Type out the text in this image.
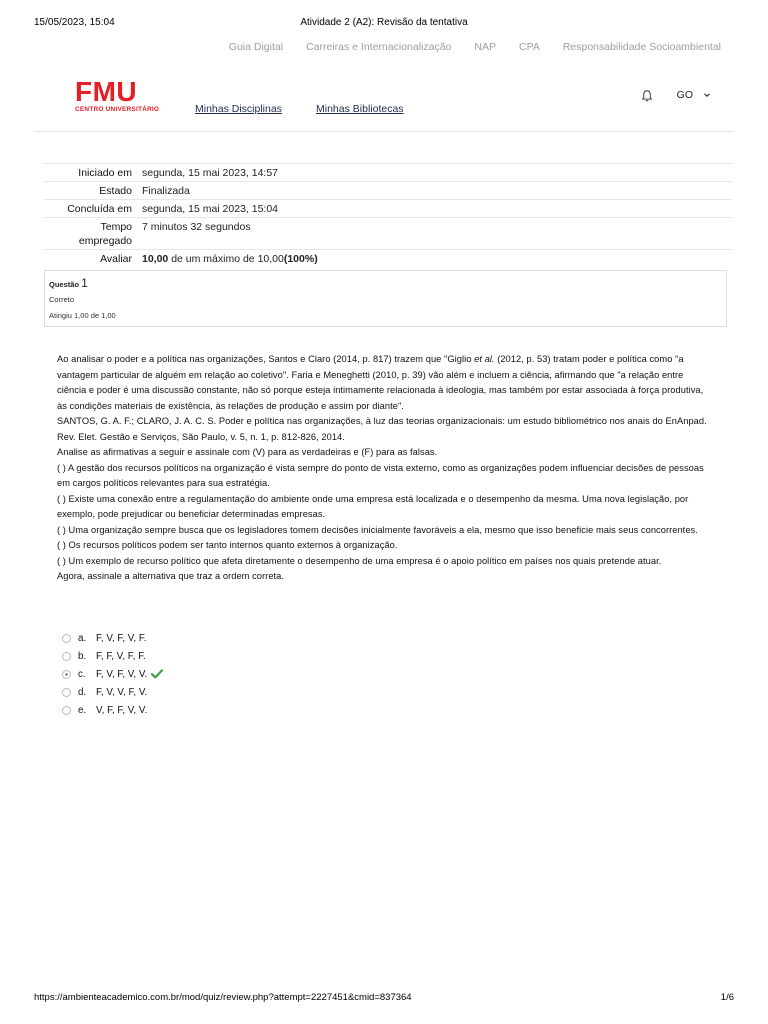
15/05/2023, 15:04	Atividade 2 (A2): Revisão da tentativa
Guia Digital Carreiras e Internacionalização NAP CPA Responsabilidade Socioambiental
FMU
CENTRO UNIVERSITÁRIO	Minhas Disciplinas	Minhas Bibliotecas
GO
Iniciado em segunda, 15 mai 2023, 14:57
Estado Finalizada
Concluída em segunda, 15 mai 2023, 15:04
Tempo
empregado
7 minutos 32 segundos
Avaliar 10,00 de um máximo de 10,00(100%)
Questão 1
Correto
Atingiu 1,00 de 1,00

Ao analisar o poder e a política nas organizações, Santos e Claro (2014, p. 817) trazem que "Giglio et al. (2012, p. 53) tratam poder e política como "a vantagem particular de alguém em relação ao coletivo". Faria e Meneghetti (2010, p. 39) vão além e incluem a ciência, afirmando que "a relação entre ciência e poder é uma discussão constante, não só porque esteja intimamente relacionada à ideologia, mas também por estar associada à força produtiva, às condições materiais de existência, às relações de produção e assim por diante".

SANTOS, G. A. F.; CLARO, J. A. C. S. Poder e política nas organizações, à luz das teorias organizacionais: um estudo bibliométrico nos anais do EnAnpad. Rev. Elet. Gestão e Serviços, São Paulo, v. 5, n. 1, p. 812-826, 2014.

Analise as afirmativas a seguir e assinale com (V) para as verdadeiras e (F) para as falsas.

( ) A gestão dos recursos políticos na organização é vista sempre do ponto de vista externo, como as organizações podem influenciar decisões de pessoas em cargos políticos relevantes para sua estratégia.

( ) Existe uma conexão entre a regulamentação do ambiente onde uma empresa está localizada e o desempenho da mesma. Uma nova legislação, por exemplo, pode prejudicar ou beneficiar determinadas empresas.

( ) Uma organização sempre busca que os legisladores tomem decisões inicialmente favoráveis a ela, mesmo que isso beneficie mais seus concorrentes.

( ) Os recursos políticos podem ser tanto internos quanto externos à organização.

( ) Um exemplo de recurso político que afeta diretamente o desempenho de uma empresa é o apoio político em países nos quais pretende atuar.

Agora, assinale a alternativa que traz a ordem correta.

a.	F, V, F, V, F.
b.	F, F, V, F, F.
c.	F, V, F, V, V.
d.	F, V, V, F, V.
e.	V, F, F, V, V.
https://ambienteacademico.com.br/mod/quiz/review.php?attempt=2227451&cmid=837364	1/6
